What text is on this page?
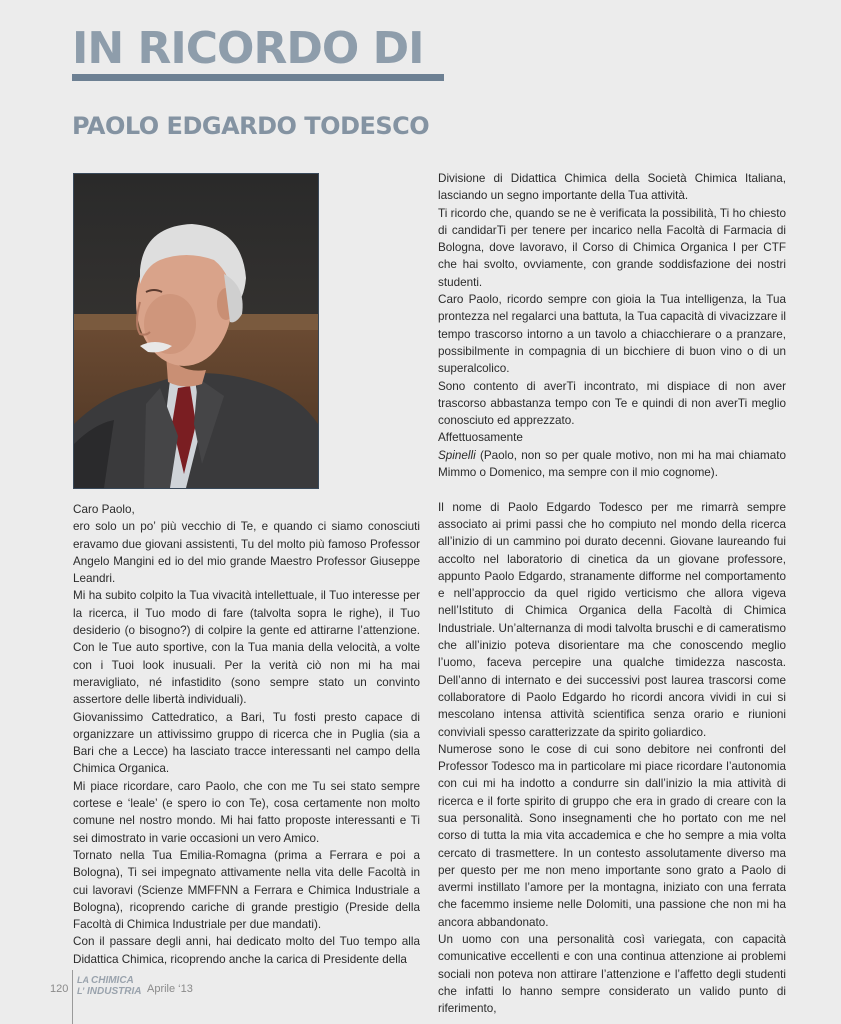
IN RICORDO DI
PAOLO EDGARDO TODESCO

Caro Paolo,

ero solo un po’ più vecchio di Te, e quando ci siamo conosciuti eravamo due giovani assistenti, Tu del molto più famoso Professor Angelo Mangini ed io del mio grande Maestro Professor Giuseppe Leandri.

Mi ha subito colpito la Tua vivacità intellettuale, il Tuo interesse per la ricerca, il Tuo modo di fare (talvolta sopra le righe), il Tuo desiderio (o bisogno?) di colpire la gente ed attirarne l’attenzione. Con le Tue auto sportive, con la Tua mania della velocità, a volte con i Tuoi look inusuali. Per la verità ciò non mi ha mai meravigliato, né infastidito (sono sempre stato un convinto assertore delle libertà individuali).

Giovanissimo Cattedratico, a Bari, Tu fosti presto capace di organizzare un attivissimo gruppo di ricerca che in Puglia (sia a Bari che a Lecce) ha lasciato tracce interessanti nel campo della Chimica Organica.

Mi piace ricordare, caro Paolo, che con me Tu sei stato sempre cortese e ‘leale’ (e spero io con Te), cosa certamente non molto comune nel nostro mondo. Mi hai fatto proposte interessanti e Ti sei dimostrato in varie occasioni un vero Amico.

Tornato nella Tua Emilia-Romagna (prima a Ferrara e poi a Bologna), Ti sei impegnato attivamente nella vita delle Facoltà in cui lavoravi (Scienze MMFFNN a Ferrara e Chimica Industriale a Bologna), ricoprendo cariche di grande prestigio (Preside della Facoltà di Chimica Industriale per due mandati).

Con il passare degli anni, hai dedicato molto del Tuo tempo alla Didattica Chimica, ricoprendo anche la carica di Presidente della

Divisione di Didattica Chimica della Società Chimica Italiana, lasciando un segno importante della Tua attività.

Ti ricordo che, quando se ne è verificata la possibilità, Ti ho chiesto di candidarTi per tenere per incarico nella Facoltà di Farmacia di Bologna, dove lavoravo, il Corso di Chimica Organica I per CTF che hai svolto, ovviamente, con grande soddisfazione dei nostri studenti.

Caro Paolo, ricordo sempre con gioia la Tua intelligenza, la Tua prontezza nel regalarci una battuta, la Tua capacità di vivacizzare il tempo trascorso intorno a un tavolo a chiacchierare o a pranzare, possibilmente in compagnia di un bicchiere di buon vino o di un superalcolico.

Sono contento di averTi incontrato, mi dispiace di non aver trascorso abbastanza tempo con Te e quindi di non averTi meglio conosciuto ed apprezzato.

Affettuosamente

Spinelli (Paolo, non so per quale motivo, non mi ha mai chiamato Mimmo o Domenico, ma sempre con il mio cognome).

Il nome di Paolo Edgardo Todesco per me rimarrà sempre associato ai primi passi che ho compiuto nel mondo della ricerca all’inizio di un cammino poi durato decenni. Giovane laureando fui accolto nel laboratorio di cinetica da un giovane professore, appunto Paolo Edgardo, stranamente difforme nel comportamento e nell’approccio da quel rigido verticismo che allora vigeva nell’Istituto di Chimica Organica della Facoltà di Chimica Industriale. Un’alternanza di modi talvolta bruschi e di cameratismo che all’inizio poteva disorientare ma che conoscendo meglio l’uomo, faceva percepire una qualche timidezza nascosta. Dell’anno di internato e dei successivi post laurea trascorsi come collaboratore di Paolo Edgardo ho ricordi ancora vividi in cui si mescolano intensa attività scientifica senza orario e riunioni conviviali spesso caratterizzate da spirito goliardico.

Numerose sono le cose di cui sono debitore nei confronti del Professor Todesco ma in particolare mi piace ricordare l’autonomia con cui mi ha indotto a condurre sin dall’inizio la mia attività di ricerca e il forte spirito di gruppo che era in grado di creare con la sua personalità. Sono insegnamenti che ho portato con me nel corso di tutta la mia vita accademica e che ho sempre a mia volta cercato di trasmettere. In un contesto assolutamente diverso ma per questo per me non meno importante sono grato a Paolo di avermi instillato l’amore per la montagna, iniziato con una ferrata che facemmo insieme nelle Dolomiti, una passione che non mi ha ancora abbandonato.

Un uomo con una personalità così variegata, con capacità comunicative eccellenti e con una continua attenzione ai problemi sociali non poteva non attirare l’attenzione e l’affetto degli studenti che infatti lo hanno sempre considerato un valido punto di riferimento,

120
LA CHIMICA
L’ INDUSTRIA Aprile ‘13
